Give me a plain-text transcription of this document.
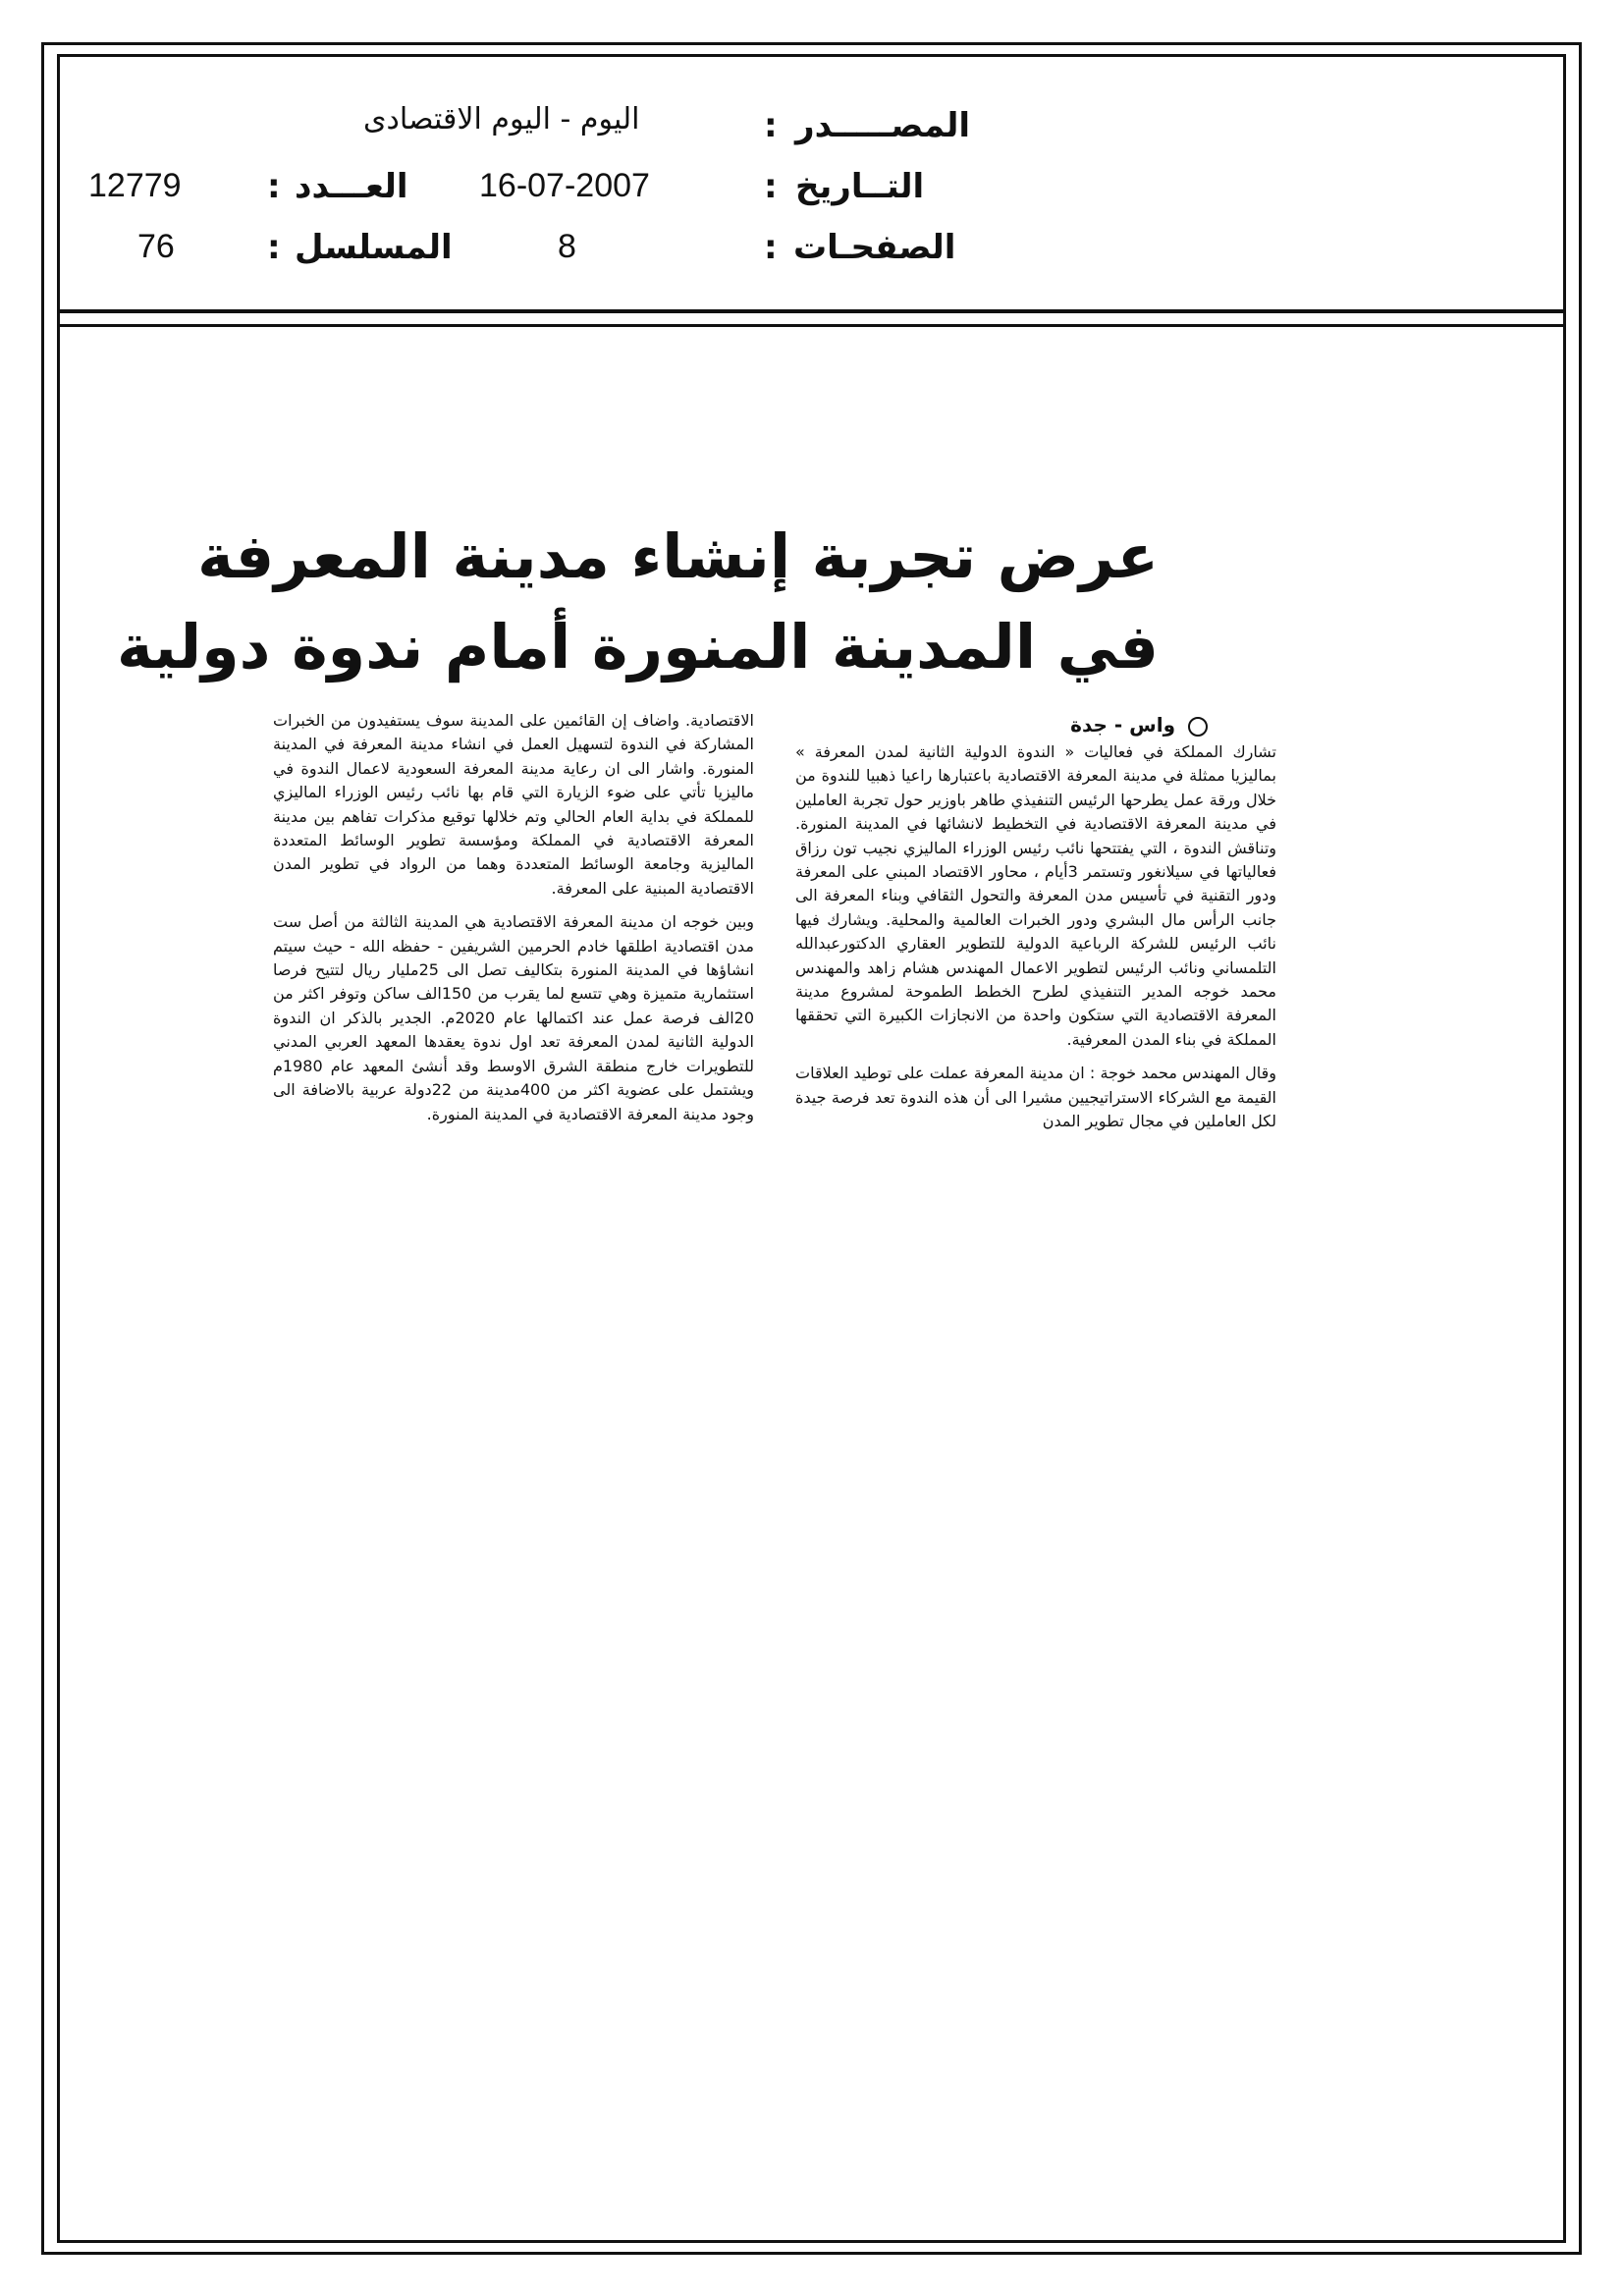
المصـــــدر
:
اليوم - اليوم الاقتصادى
التــاريخ
:
16-07-2007
العـــدد
:
12779
الصفحـات
:
8
المسلسل
:
76
عرض تجربة إنشاء مدينة المعرفة
في المدينة المنورة أمام ندوة دولية
واس - جدة

تشارك المملكة في فعاليات « الندوة الدولية الثانية لمدن المعرفة » بماليزيا ممثلة في مدينة المعرفة الاقتصادية باعتبارها راعيا ذهبيا للندوة من خلال ورقة عمل يطرحها الرئيس التنفيذي طاهر باوزير حول تجربة العاملين في مدينة المعرفة الاقتصادية في التخطيط لانشائها في المدينة المنورة. وتناقش الندوة ، التي يفتتحها نائب رئيس الوزراء الماليزي نجيب تون رزاق فعالياتها في سيلانغور وتستمر 3أيام ، محاور الاقتصاد المبني على المعرفة ودور التقنية في تأسيس مدن المعرفة والتحول الثقافي وبناء المعرفة الى جانب الرأس مال البشري ودور الخبرات العالمية والمحلية. ويشارك فيها نائب الرئيس للشركة الرباعية الدولية للتطوير العقاري الدكتورعبدالله التلمساني ونائب الرئيس لتطوير الاعمال المهندس هشام زاهد والمهندس محمد خوجه المدير التنفيذي لطرح الخطط الطموحة لمشروع مدينة المعرفة الاقتصادية التي ستكون واحدة من الانجازات الكبيرة التي تحققها المملكة في بناء المدن المعرفية.

وقال المهندس محمد خوجة : ان مدينة المعرفة عملت على توطيد العلاقات القيمة مع الشركاء الاستراتيجيين مشيرا الى أن هذه الندوة تعد فرصة جيدة لكل العاملين في مجال تطوير المدن

الاقتصادية. واضاف إن القائمين على المدينة سوف يستفيدون من الخبرات المشاركة في الندوة لتسهيل العمل في انشاء مدينة المعرفة في المدينة المنورة. واشار الى ان رعاية مدينة المعرفة السعودية لاعمال الندوة في ماليزيا تأتي على ضوء الزيارة التي قام بها نائب رئيس الوزراء الماليزي للمملكة في بداية العام الحالي وتم خلالها توقيع مذكرات تفاهم بين مدينة المعرفة الاقتصادية في المملكة ومؤسسة تطوير الوسائط المتعددة الماليزية وجامعة الوسائط المتعددة وهما من الرواد في تطوير المدن الاقتصادية المبنية على المعرفة.

وبين خوجه ان مدينة المعرفة الاقتصادية هي المدينة الثالثة من أصل ست مدن اقتصادية اطلقها خادم الحرمين الشريفين - حفظه الله - حيث سيتم انشاؤها في المدينة المنورة بتكاليف تصل الى 25مليار ريال لتتيح فرصا استثمارية متميزة وهي تتسع لما يقرب من 150الف ساكن وتوفر اكثر من 20الف فرصة عمل عند اكتمالها عام 2020م. الجدير بالذكر ان الندوة الدولية الثانية لمدن المعرفة تعد اول ندوة يعقدها المعهد العربي المدني للتطويرات خارج منطقة الشرق الاوسط وقد أنشئ المعهد عام 1980م ويشتمل على عضوية اكثر من 400مدينة من 22دولة عربية بالاضافة الى وجود مدينة المعرفة الاقتصادية في المدينة المنورة.
